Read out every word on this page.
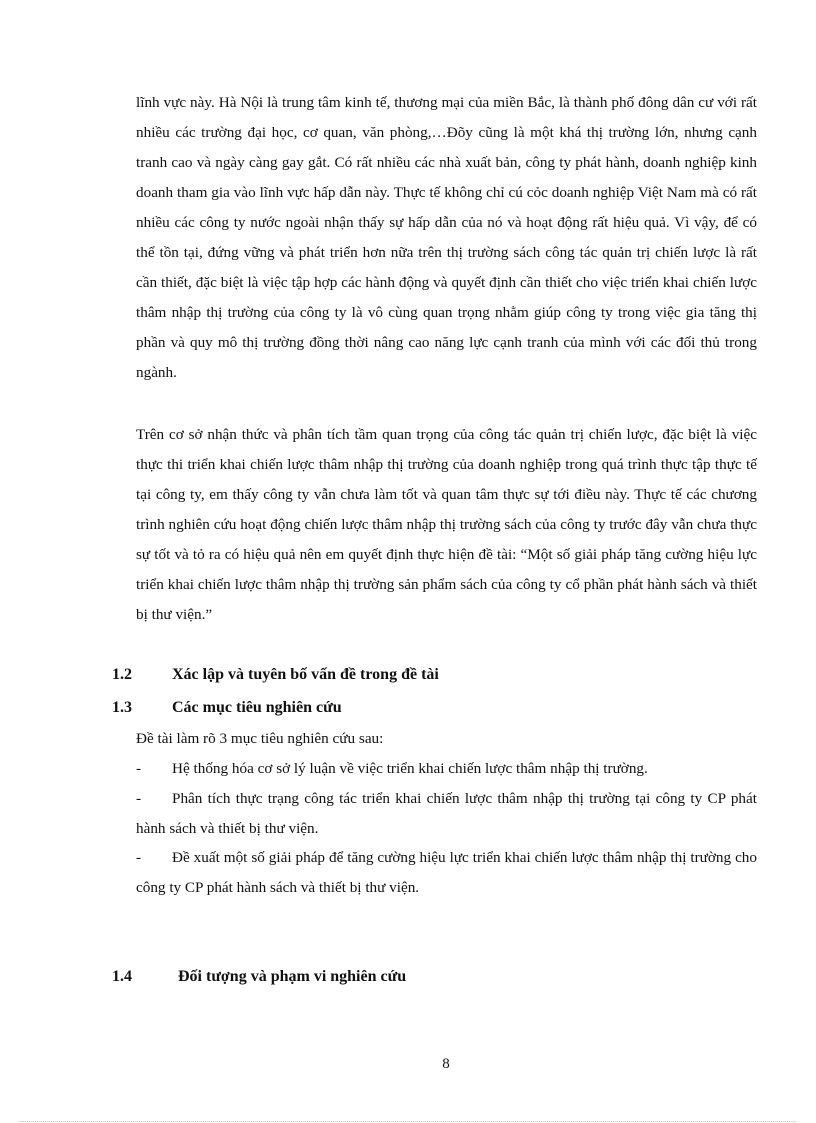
lĩnh vực này. Hà Nội là trung tâm kinh tế, thương mại của miền Bắc, là thành phố đông dân cư với rất nhiều các trường đại học, cơ quan, văn phòng,…Đõy cũng là một khá thị trường lớn, nhưng cạnh tranh cao và ngày càng gay gắt. Có rất nhiều các nhà xuất bản, công ty phát hành, doanh nghiệp kinh doanh tham gia vào lĩnh vực hấp dẫn này. Thực tế không chỉ cú cỏc doanh nghiệp Việt Nam mà có rất nhiều các công ty nước ngoài nhận thấy sự hấp dẫn của nó và hoạt động rất hiệu quả. Vì vậy, để có thể tồn tại, đứng vững và phát triển hơn nữa trên thị trường sách công tác quản trị chiến lược là rất cần thiết, đặc biệt là việc tập hợp các hành động và quyết định cần thiết cho việc triển khai chiến lược thâm nhập thị trường của công ty là vô cùng quan trọng nhằm giúp công ty trong việc gia tăng thị phần và quy mô thị trường đồng thời nâng cao năng lực cạnh tranh của mình với các đối thủ trong ngành.

Trên cơ sở nhận thức và phân tích tầm quan trọng của công tác quản trị chiến lược, đặc biệt là việc thực thi triển khai chiến lược thâm nhập thị trường của doanh nghiệp trong quá trình thực tập thực tế tại công ty, em thấy công ty vẫn chưa làm tốt và quan tâm thực sự tới điều này. Thực tế các chương trình nghiên cứu hoạt động chiến lược thâm nhập thị trường sách của công ty trước đây vẫn chưa thực sự tốt và tỏ ra có hiệu quả nên em quyết định thực hiện đề tài: “Một số giải pháp tăng cường hiệu lực triển khai chiến lược thâm nhập thị trường sản phẩm sách của công ty cổ phần phát hành sách và thiết bị thư viện.”

1.2	Xác lập và tuyên bố vấn đề trong đề tài
1.3	Các mục tiêu nghiên cứu

Đề tài làm rõ 3 mục tiêu nghiên cứu sau:

- Hệ thống hóa cơ sở lý luận về việc triển khai chiến lược thâm nhập thị trường.

- Phân tích thực trạng công tác triển khai chiến lược thâm nhập thị trường tại công ty CP phát hành sách và thiết bị thư viện.

- Đề xuất một số giải pháp để tăng cường hiệu lực triển khai chiến lược thâm nhập thị trường cho công ty CP phát hành sách và thiết bị thư viện.

1.4	Đối tượng và phạm vi nghiên cứu

8
